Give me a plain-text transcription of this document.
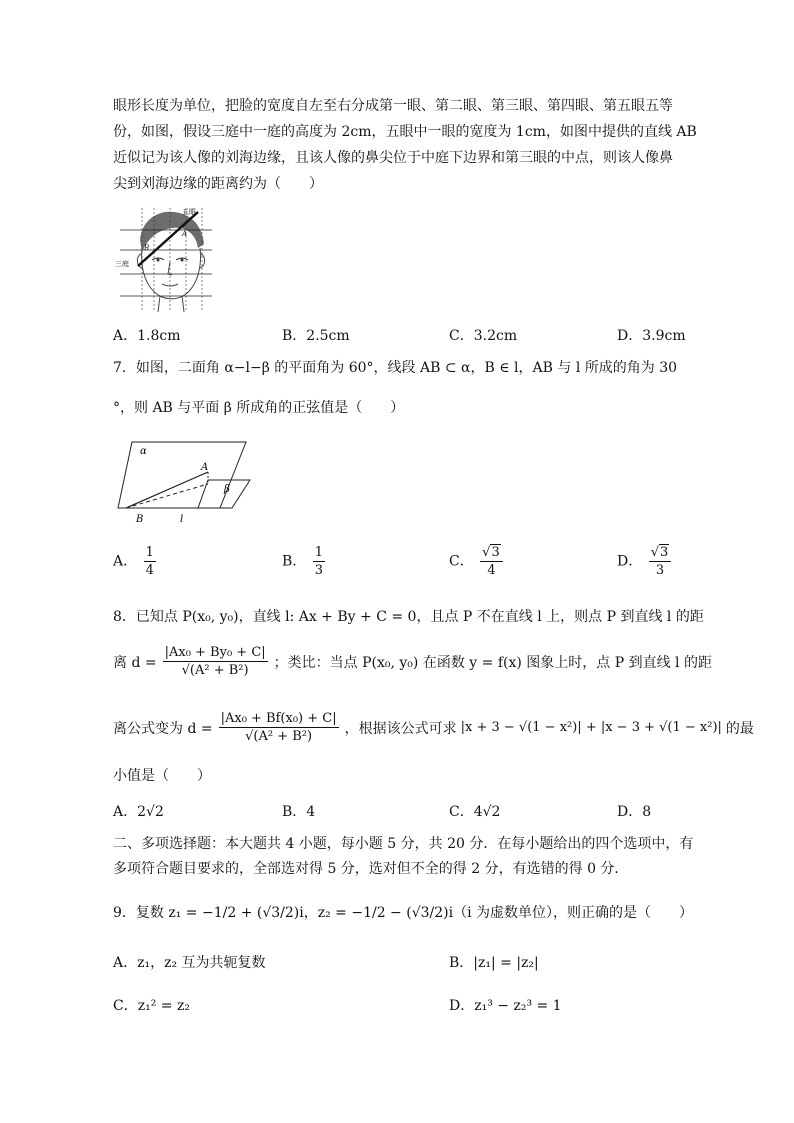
眼形长度为单位，把脸的宽度自左至右分成第一眼、第二眼、第三眼、第四眼、第五眼五等
份，如图，假设三庭中一庭的高度为 2cm，五眼中一眼的宽度为 1cm，如图中提供的直线 AB
近似记为该人像的刘海边缘，且该人像的鼻尖位于中庭下边界和第三眼的中点，则该人像鼻
尖到刘海边缘的距离约为（　　）
五眼
三庭
A
B
A．1.8cm	B．2.5cm	C．3.2cm	D．3.9cm
7．如图，二面角 α−l−β 的平面角为 60°，线段 AB ⊂ α，B ∈ l，AB 与 l 所成的角为 30
°，则 AB 与平面 β 所成角的正弦值是（　　）
α
β
A
B	l
A． $\frac{1}{4}$	B． $\frac{1}{3}$	C． $\frac{√3}{4}$	D． $\frac{√3}{3}$
8．已知点 P(x₀, y₀)，直线 l: Ax + By + C = 0，且点 P 不在直线 l 上，则点 P 到直线 l 的距
离 $d = \frac{\text{|Ax₀ + By₀ + C|}}{\text{√(A² + B²)}}$ ；类比：当点 P(x₀, y₀) 在函数 y = f(x) 图象上时，点 P 到直线 l 的距
离公式变为 $d = \frac{\text{|Ax₀ + Bf(x₀) + C|}}{\text{√(A² + B²)}}$ ，根据该公式可求 |x + 3 − √(1 − x²)| + |x − 3 + √(1 − x²)| 的最
小值是（　　）
A．2√2	B．4	C．4√2	D．8
二、多项选择题：本大题共 4 小题，每小题 5 分，共 20 分．在每小题给出的四个选项中，有
多项符合题目要求的，全部选对得 5 分，选对但不全的得 2 分，有选错的得 0 分．
9．复数 z₁ = −1/2 + (√3/2)i，z₂ = −1/2 − (√3/2)i（i 为虚数单位），则正确的是（　　）
A．z₁，z₂ 互为共轭复数	B．|z₁| = |z₂|
C．z₁² = z₂	D．z₁³ − z₂³ = 1
